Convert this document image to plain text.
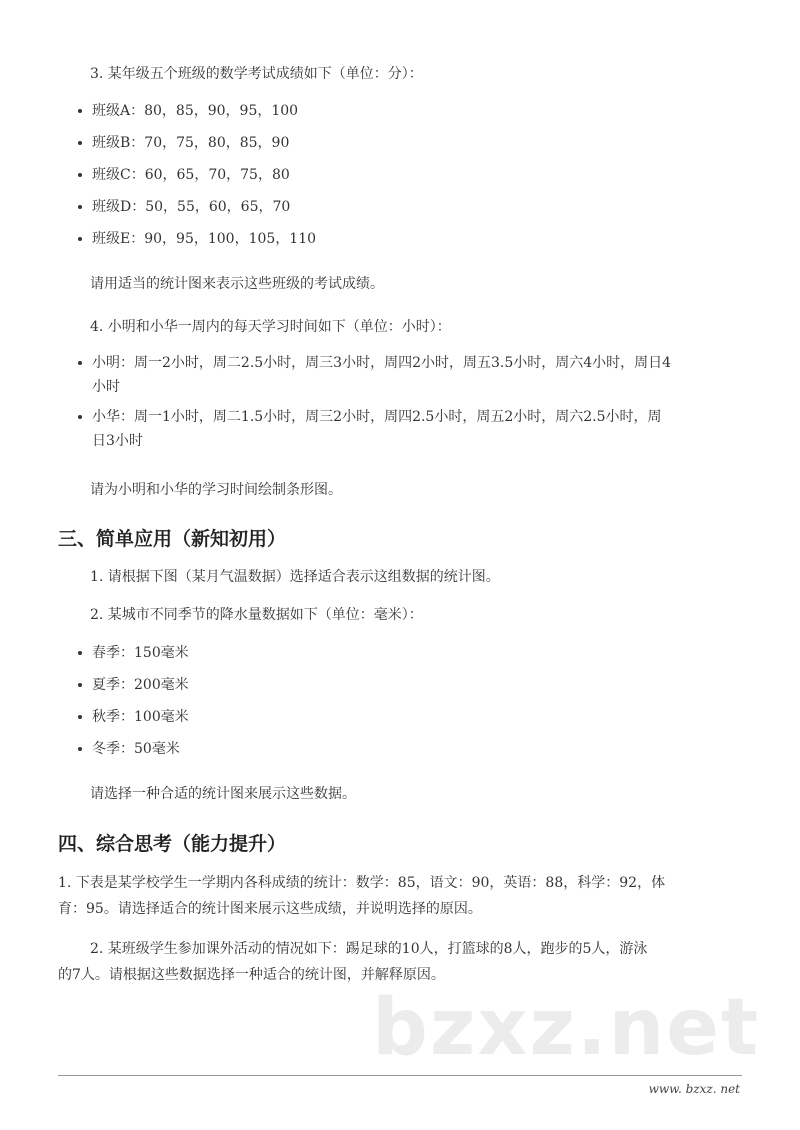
3. 某年级五个班级的数学考试成绩如下（单位：分）：
班级A：80，85，90，95，100
班级B：70，75，80，85，90
班级C：60，65，70，75，80
班级D：50，55，60，65，70
班级E：90，95，100，105，110
请用适当的统计图来表示这些班级的考试成绩。
4. 小明和小华一周内的每天学习时间如下（单位：小时）：
小明：周一2小时，周二2.5小时，周三3小时，周四2小时，周五3.5小时，周六4小时，周日4
小时
小华：周一1小时，周二1.5小时，周三2小时，周四2.5小时，周五2小时，周六2.5小时，周
日3小时
请为小明和小华的学习时间绘制条形图。
三、简单应用（新知初用）
1. 请根据下图（某月气温数据）选择适合表示这组数据的统计图。
2. 某城市不同季节的降水量数据如下（单位：毫米）：
春季：150毫米
夏季：200毫米
秋季：100毫米
冬季：50毫米
请选择一种合适的统计图来展示这些数据。
四、综合思考（能力提升）
1. 下表是某学校学生一学期内各科成绩的统计：数学：85，语文：90，英语：88，科学：92，体
育：95。请选择适合的统计图来展示这些成绩，并说明选择的原因。
2. 某班级学生参加课外活动的情况如下：踢足球的10人，打篮球的8人，跑步的5人，游泳
的7人。请根据这些数据选择一种适合的统计图，并解释原因。
bzxz.net
www. bzxz. net
